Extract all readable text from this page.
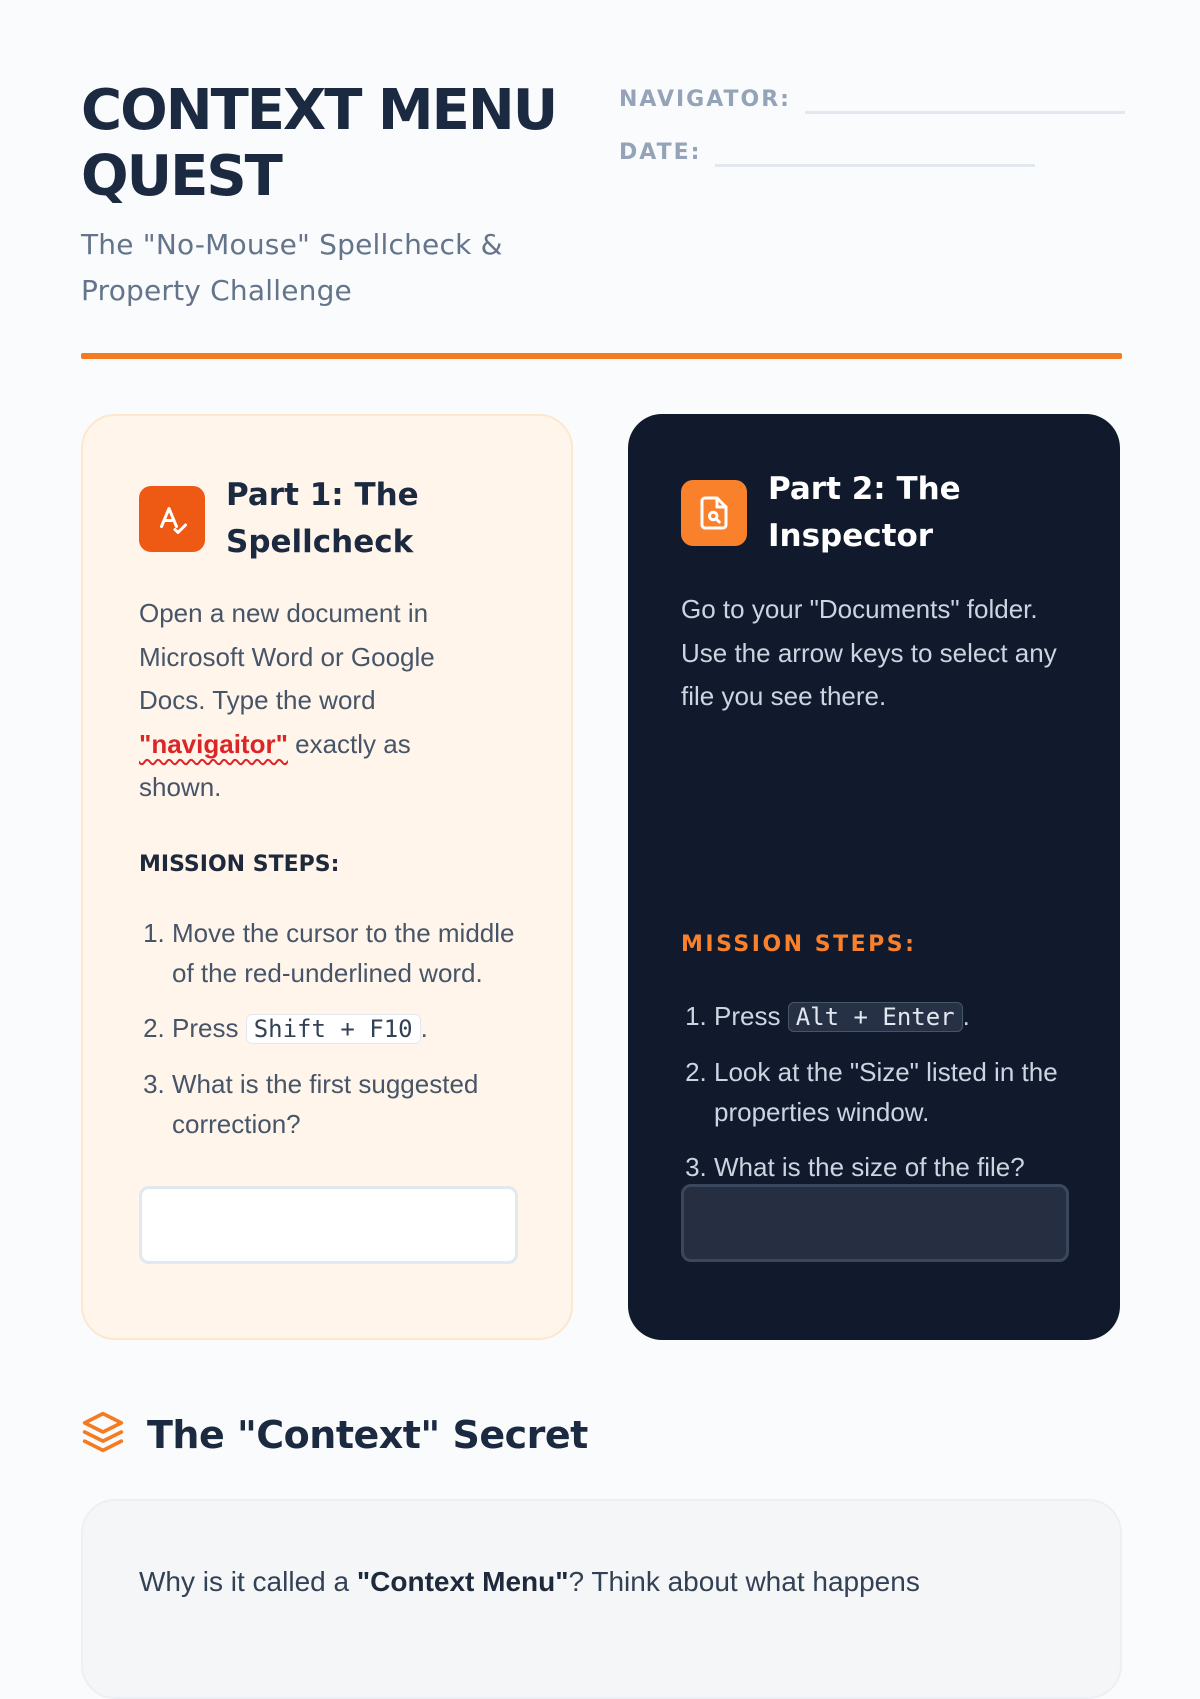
CONTEXT MENU QUEST

The "No-Mouse" Spellcheck & Property Challenge

NAVIGATOR:
DATE:
Part 1: The Spellcheck

Open a new document in Microsoft Word or Google Docs. Type the word "navigaitor" exactly as shown.

MISSION STEPS:
1. Move the cursor to the middle of the red-underlined word.
2. Press Shift + F10 .
3. What is the first suggested correction?
Part 2: The Inspector

Go to your "Documents" folder. Use the arrow keys to select any file you see there.

MISSION STEPS:
1. Press Alt + Enter .
2. Look at the "Size" listed in the properties window.
3. What is the size of the file?
The "Context" Secret

Why is it called a "Context Menu"? Think about what happens
